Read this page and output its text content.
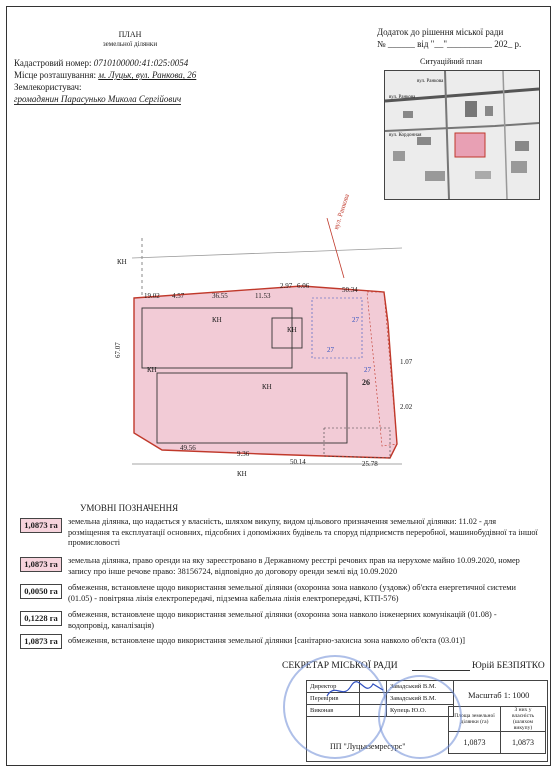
ПЛАН
земельної ділянки
Додаток до рішення міської ради
№ ______ від "__"__________ 202_ р.
Кадастровий номер: 0710100000:41:025:0054
Місце розташування: м. Луцьк, вул. Ранкова, 26
Землекористувач:
громадянин Парасунько Микола Сергійович
Ситуаційний план
вул. Ранкова
вул. Ранкова
вул. Кордонная
КН
КН
КН
КН
КН
КН
26
вул. Ранкова
19.02 4.57	36.55	11.53
2.97 6.06	50.34
67.07
49.56
9.36
50.14	25.78
2.02
1.07
27
27
27
УМОВНІ ПОЗНАЧЕННЯ
1,0873 га	земельна ділянка, що надається у власність, шляхом викупу, видом цільового призначення земельної ділянки: 11.02 - для розміщення та експлуатації основних, підсобних і допоміжних будівель та споруд підприємств переробної, машинобудівної та іншої промисловості
1,0873 га	земельна ділянка, право оренди на яку зареєстровано в Державному реєстрі речових прав на нерухоме майно 10.09.2020, номер запису про інше речове право: 38156724, відповідно до договору оренди землі від 10.09.2020
0,0050 га	обмеження, встановлене щодо використання земельної ділянки (охоронна зона навколо (уздовж) об'єкта енергетичної системи (01.05) - повітряна лінія електропередачі, підземна кабельна лінія електропередачі, КТП-576)
0,1228 га	обмеження, встановлене щодо використання земельної ділянки (охоронна зона навколо інженерних комунікацій (01.08) - водопровід, каналізація)
1,0873 га	обмеження, встановлене щодо використання земельної ділянки [санітарно-захисна зона навколо об'єкта (03.01)]
СЕКРЕТАР МІСЬКОЇ РАДИ	Юрій БЕЗПЯТКО
Директор		Завадський В.М.
Перевірив		Завадський В.М.
Виконав		Купець Ю.О.
ПП "Луцькземресурс"
Масштаб 1: 1000
Площа земельної ділянки (га)	З них у власність (шляхом викупу)
1,0873	1,0873
